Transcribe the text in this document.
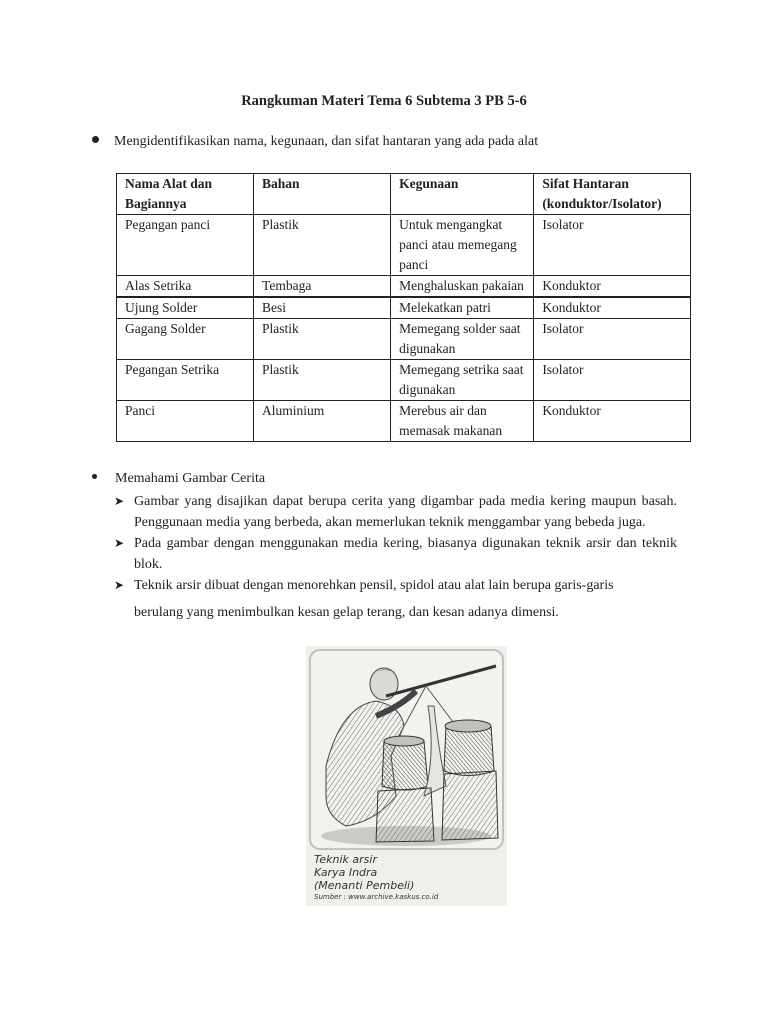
Rangkuman Materi Tema 6 Subtema 3 PB 5-6
Mengidentifikasikan nama, kegunaan, dan sifat hantaran yang ada pada alat
Nama Alat dan Bagiannya	Bahan	Kegunaan	Sifat Hantaran (konduktor/Isolator)
Pegangan panci	Plastik	Untuk mengangkat panci atau memegang panci	Isolator
Alas Setrika	Tembaga	Menghaluskan pakaian	Konduktor
Ujung Solder	Besi	Melekatkan patri	Konduktor
Gagang Solder	Plastik	Memegang solder saat digunakan	Isolator
Pegangan Setrika	Plastik	Memegang setrika saat digunakan	Isolator
Panci	Aluminium	Merebus air dan memasak makanan	Konduktor
Memahami Gambar Cerita
➤ Gambar yang disajikan dapat berupa cerita yang digambar pada media kering maupun basah. Penggunaan media yang berbeda, akan memerlukan teknik menggambar yang bebeda juga.
➤ Pada gambar dengan menggunakan media kering, biasanya digunakan teknik arsir dan teknik blok.
➤ Teknik arsir dibuat dengan menorehkan pensil, spidol atau alat lain berupa garis-garis
berulang yang menimbulkan kesan gelap terang, dan kesan adanya dimensi.
Teknik arsir
Karya Indra
(Menanti Pembeli)
Sumber : www.archive.kaskus.co.id
